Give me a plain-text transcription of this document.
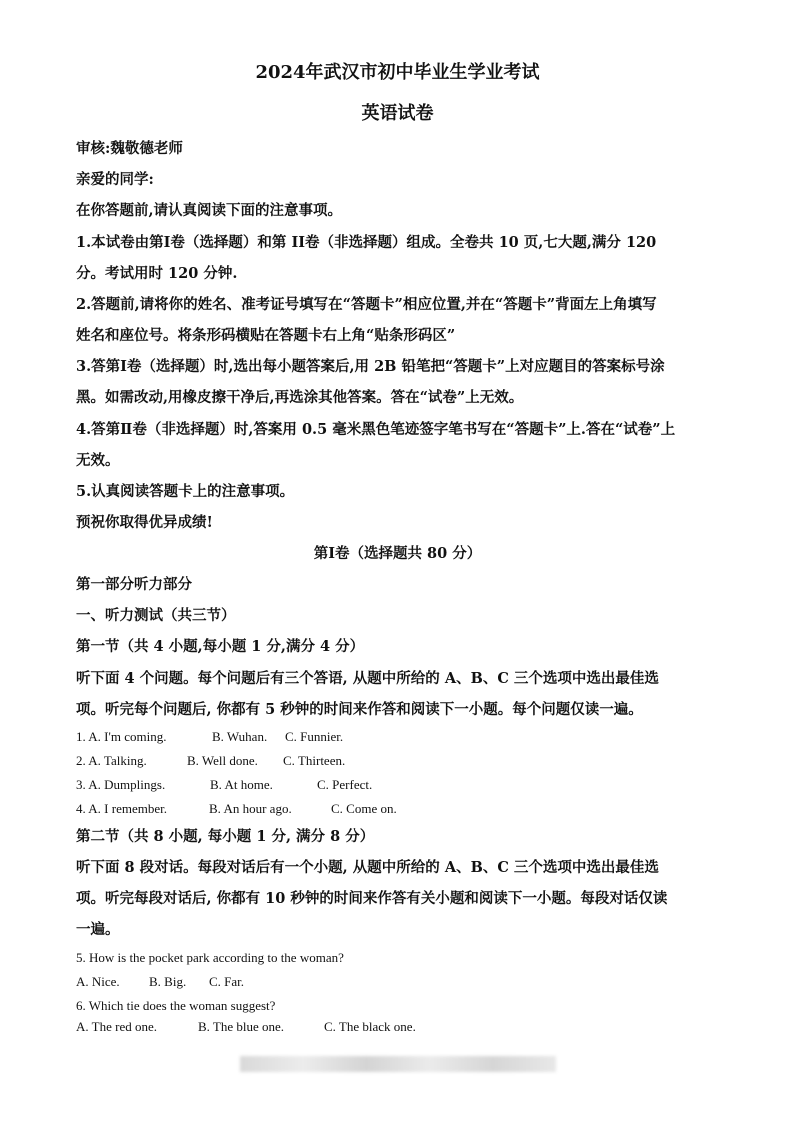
2024年武汉市初中毕业生学业考试
英语试卷
审核:魏敬德老师
亲爱的同学:
在你答题前,请认真阅读下面的注意事项。
1.本试卷由第Ⅰ卷（选择题）和第 II卷（非选择题）组成。全卷共 10 页,七大题,满分 120
分。考试用时 120 分钟.
2.答题前,请将你的姓名、准考证号填写在“答题卡”相应位置,并在“答题卡”背面左上角填写
姓名和座位号。将条形码横贴在答题卡右上角“贴条形码区”
3.答第Ⅰ卷（选择题）时,选出每小题答案后,用 2B 铅笔把“答题卡”上对应题目的答案标号涂
黑。如需改动,用橡皮擦干净后,再选涂其他答案。答在“试卷”上无效。
4.答第Ⅱ卷（非选择题）时,答案用 0.5 毫米黑色笔迹签字笔书写在“答题卡”上.答在“试卷”上
无效。
5.认真阅读答题卡上的注意事项。
预祝你取得优异成绩!
第Ⅰ卷（选择题共 80 分）
第一部分听力部分
一、听力测试（共三节）
第一节（共 4 小题,每小题 1 分,满分 4 分）
听下面 4 个问题。每个问题后有三个答语, 从题中所给的 A、B、C 三个选项中选出最佳选
项。听完每个问题后, 你都有 5 秒钟的时间来作答和阅读下一小题。每个问题仅读一遍。
1. A. I'm coming.	B. Wuhan. C. Funnier.
2. A. Talking.	B. Well done. C. Thirteen.
3. A. Dumplings.	B. At home.	C. Perfect.
4. A. I remember.	B. An hour ago.	C. Come on.
第二节（共 8 小题, 每小题 1 分, 满分 8 分）
听下面 8 段对话。每段对话后有一个小题, 从题中所给的 A、B、C 三个选项中选出最佳选
项。听完每段对话后, 你都有 10 秒钟的时间来作答有关小题和阅读下一小题。每段对话仅读
一遍。
5. How is the pocket park according to the woman?
A. Nice. B. Big. C. Far.
6. Which tie does the woman suggest?
A. The red one.	B. The blue one.	C. The black one.
